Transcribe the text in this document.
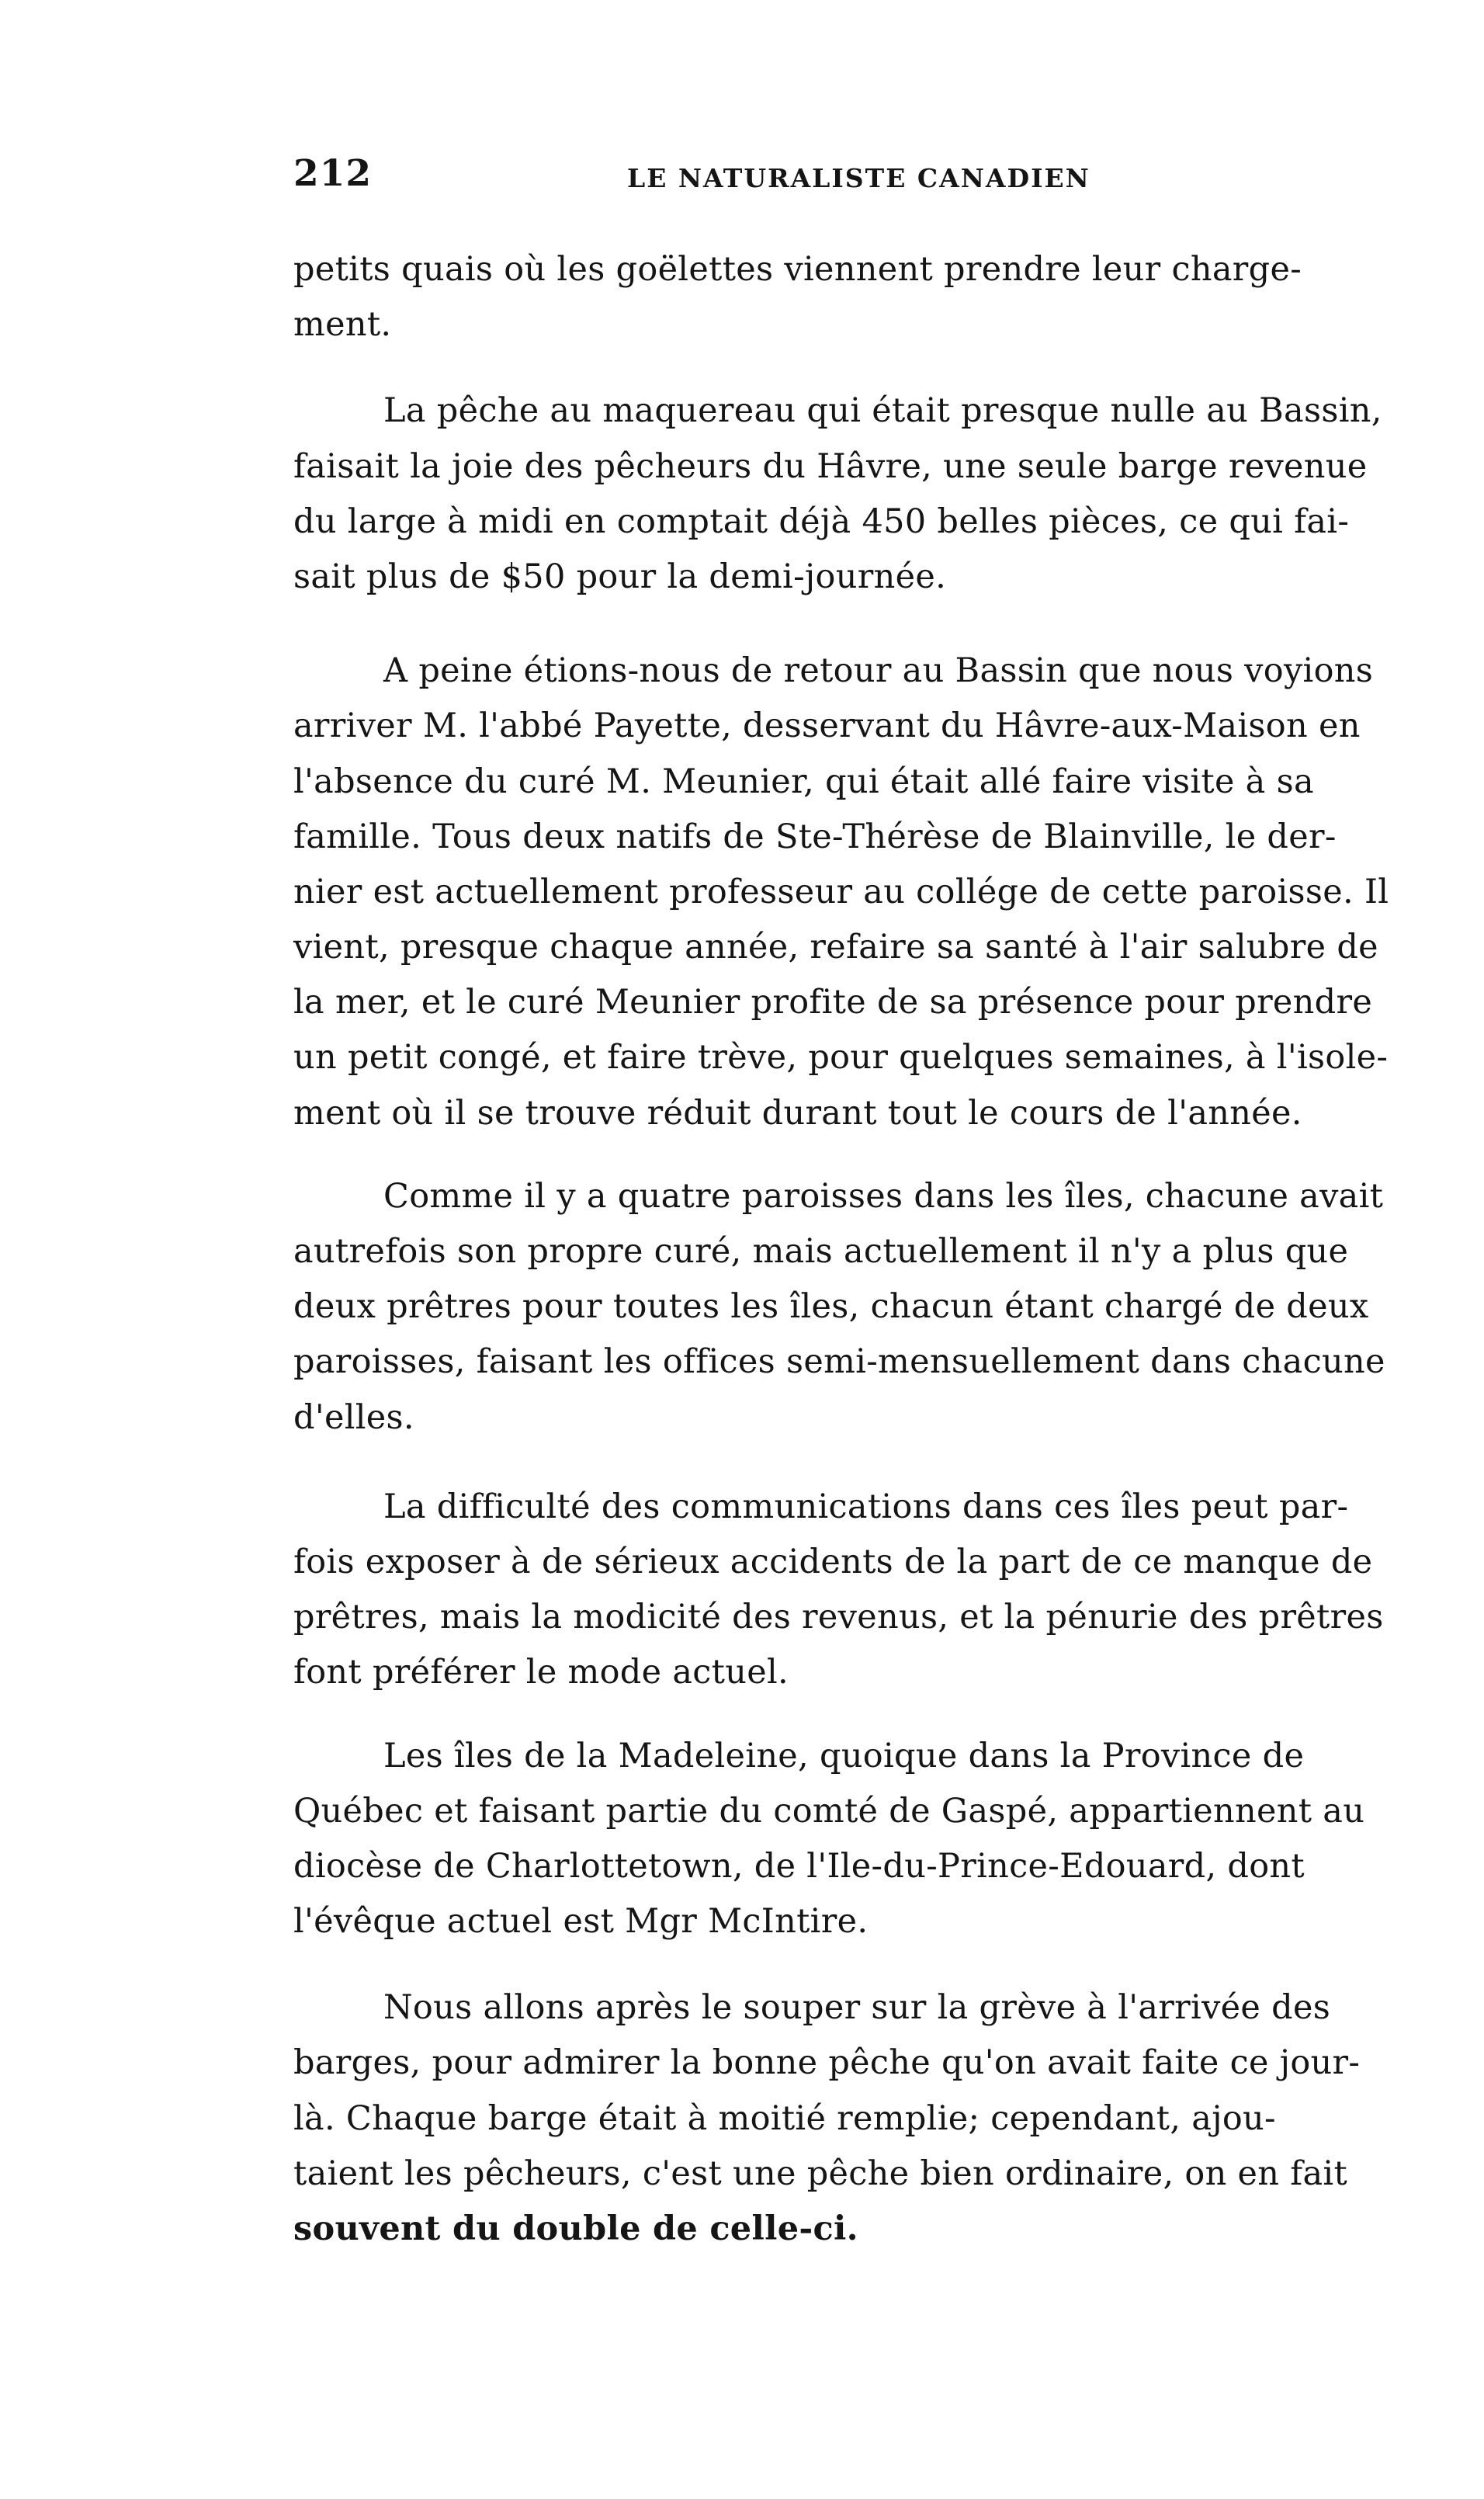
212	LE NATURALISTE CANADIEN
petits quais où les goëlettes viennent prendre leur charge-
ment.
La pêche au maquereau qui était presque nulle au Bassin,
faisait la joie des pêcheurs du Hâvre, une seule barge revenue
du large à midi en comptait déjà 450 belles pièces, ce qui fai-
sait plus de $50 pour la demi-journée.
A peine étions-nous de retour au Bassin que nous voyions
arriver M. l'abbé Payette, desservant du Hâvre-aux-Maison en
l'absence du curé M. Meunier, qui était allé faire visite à sa
famille. Tous deux natifs de Ste-Thérèse de Blainville, le der-
nier est actuellement professeur au collége de cette paroisse. Il
vient, presque chaque année, refaire sa santé à l'air salubre de
la mer, et le curé Meunier profite de sa présence pour prendre
un petit congé, et faire trève, pour quelques semaines, à l'isole-
ment où il se trouve réduit durant tout le cours de l'année.
Comme il y a quatre paroisses dans les îles, chacune avait
autrefois son propre curé, mais actuellement il n'y a plus que
deux prêtres pour toutes les îles, chacun étant chargé de deux
paroisses, faisant les offices semi-mensuellement dans chacune
d'elles.
La difficulté des communications dans ces îles peut par-
fois exposer à de sérieux accidents de la part de ce manque de
prêtres, mais la modicité des revenus, et la pénurie des prêtres
font préférer le mode actuel.
Les îles de la Madeleine, quoique dans la Province de
Québec et faisant partie du comté de Gaspé, appartiennent au
diocèse de Charlottetown, de l'Ile-du-Prince-Edouard, dont
l'évêque actuel est Mgr McIntire.
Nous allons après le souper sur la grève à l'arrivée des
barges, pour admirer la bonne pêche qu'on avait faite ce jour-
là. Chaque barge était à moitié remplie; cependant, ajou-
taient les pêcheurs, c'est une pêche bien ordinaire, on en fait
souvent du double de celle-ci.
